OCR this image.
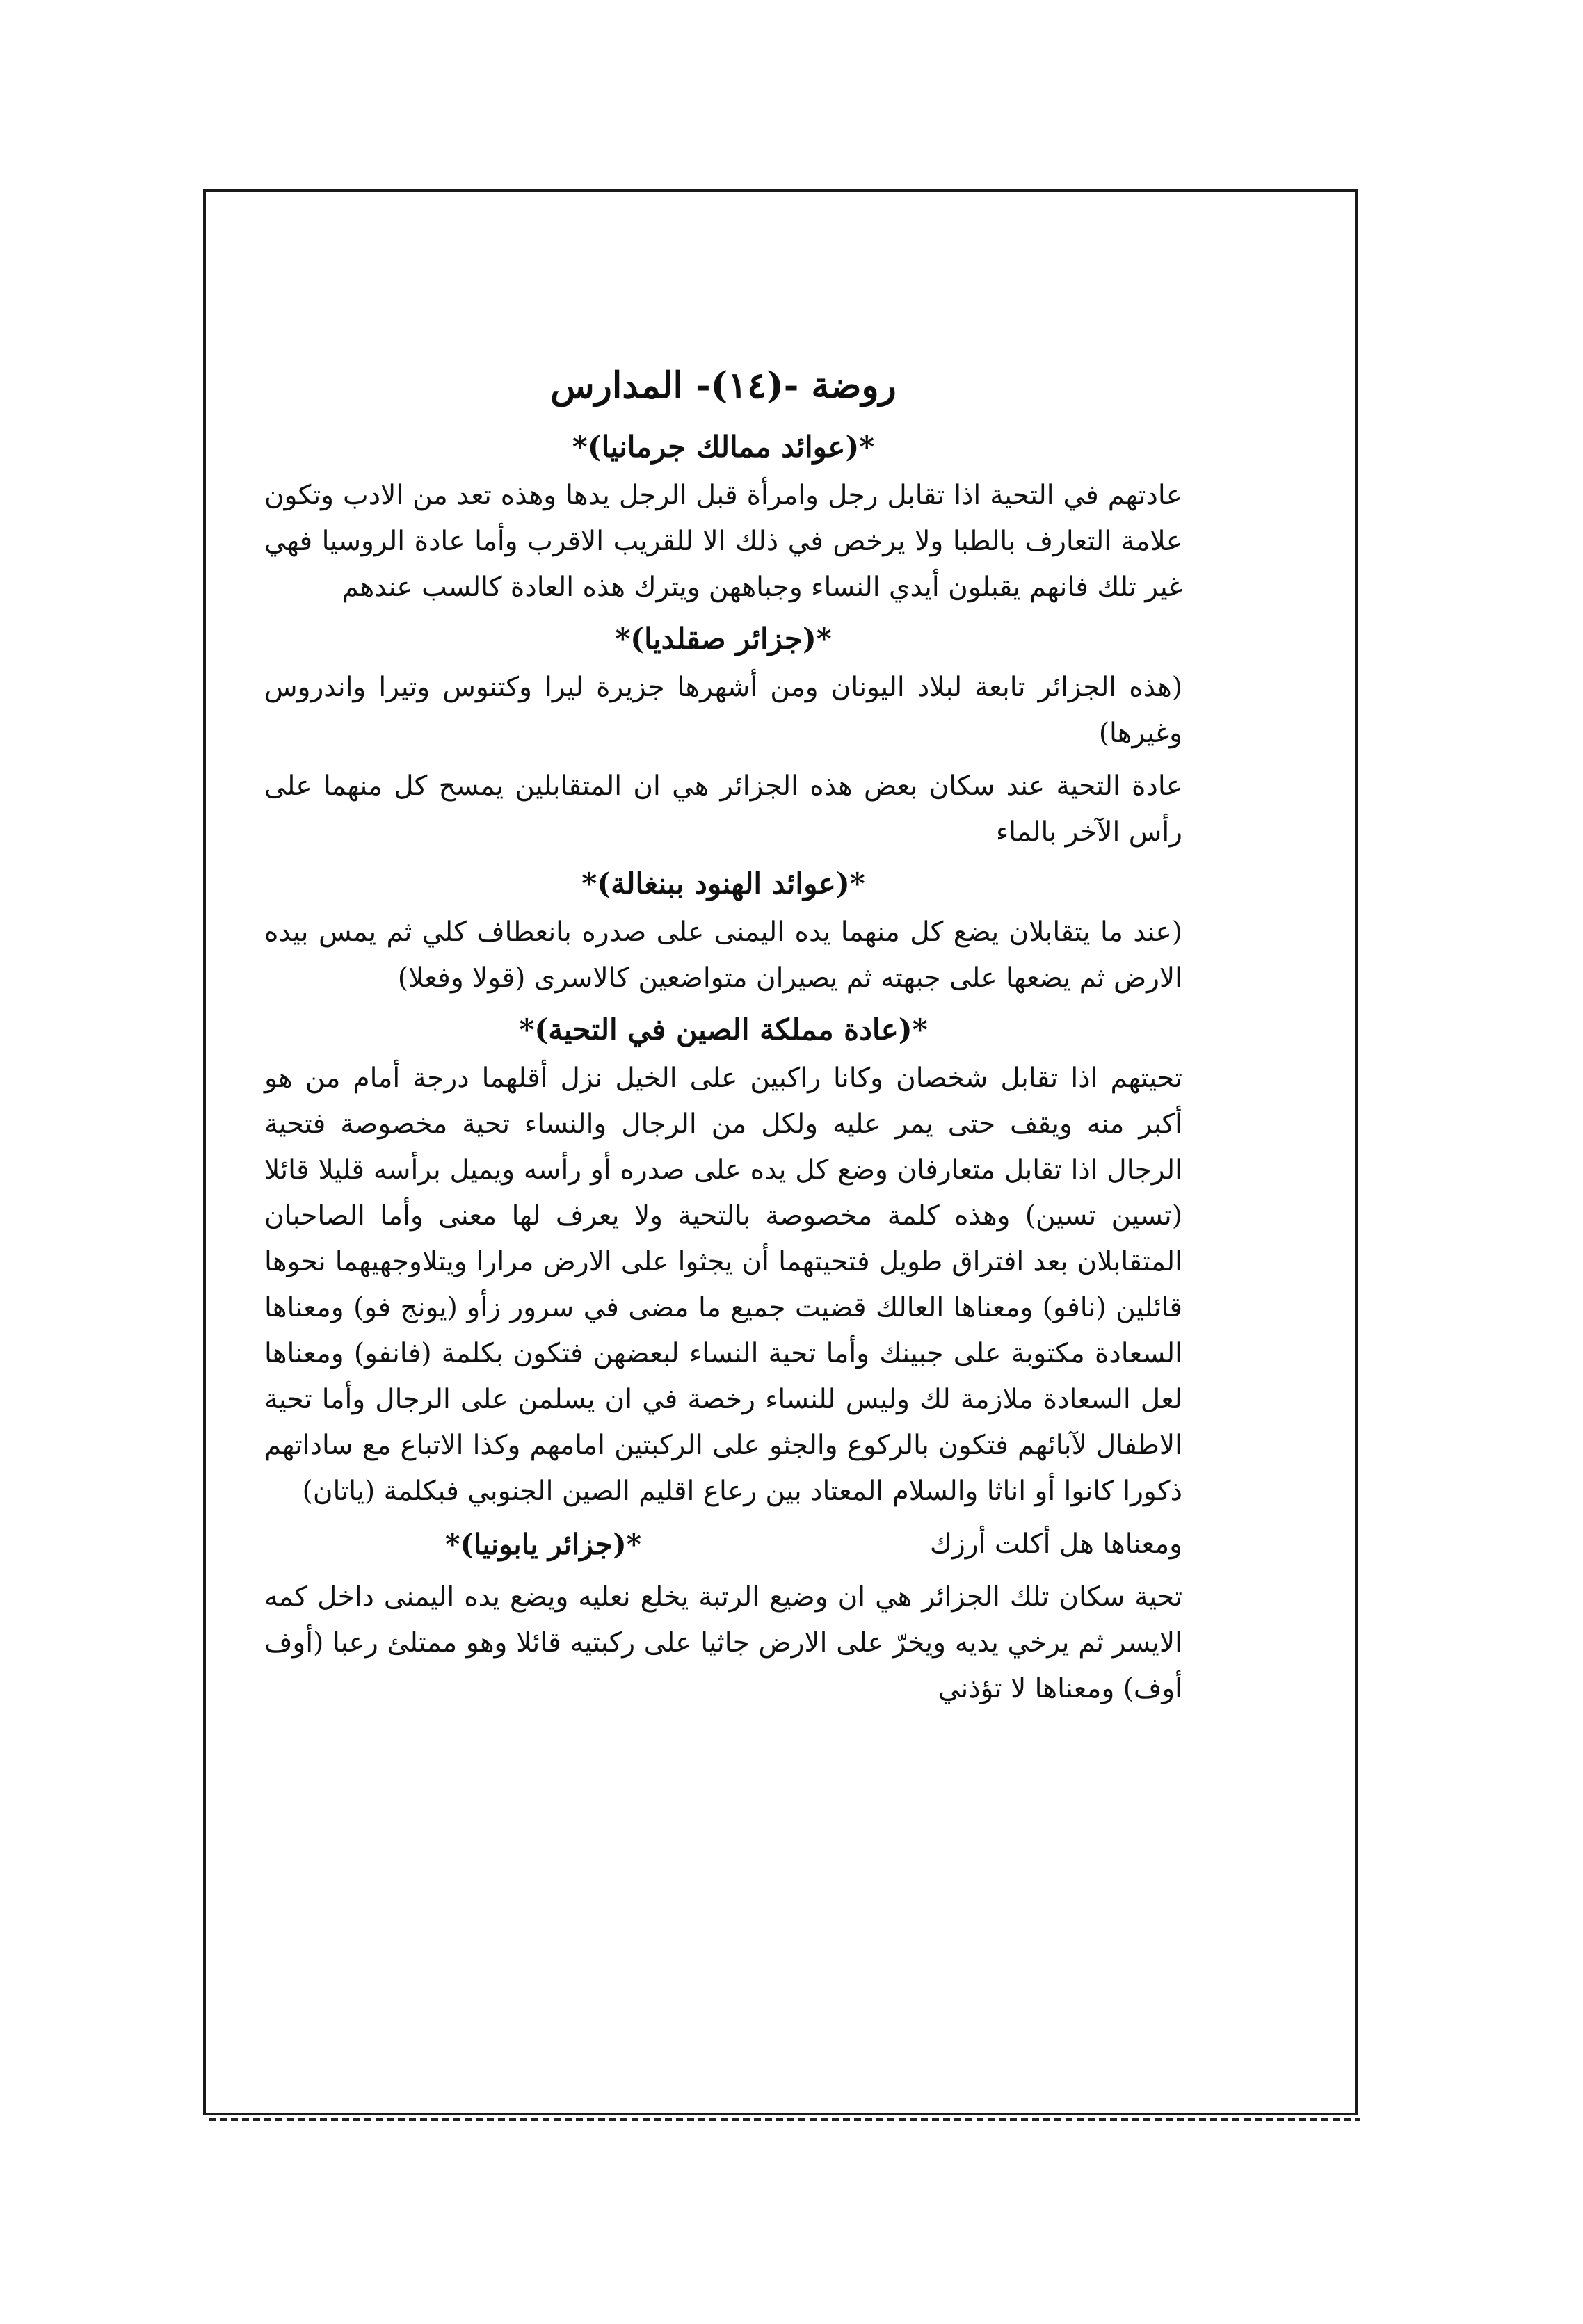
روضة -(١٤)- المدارس
*(عوائد ممالك جرمانيا)*

عادتهم في التحية اذا تقابل رجل وامرأة قبل الرجل يدها وهذه تعد من الادب وتكون علامة التعارف بالطبا ولا يرخص في ذلك الا للقريب الاقرب وأما عادة الروسيا فهي غير تلك فانهم يقبلون أيدي النساء وجباههن ويترك هذه العادة كالسب عندهم

*(جزائر صقلديا)*

(هذه الجزائر تابعة لبلاد اليونان ومن أشهرها جزيرة ليرا وكتنوس وتيرا واندروس وغيرها)

عادة التحية عند سكان بعض هذه الجزائر هي ان المتقابلين يمسح كل منهما على رأس الآخر بالماء

*(عوائد الهنود ببنغالة)*

(عند ما يتقابلان يضع كل منهما يده اليمنى على صدره بانعطاف كلي ثم يمس بيده الارض ثم يضعها على جبهته ثم يصيران متواضعين كالاسرى (قولا وفعلا)

*(عادة مملكة الصين في التحية)*

تحيتهم اذا تقابل شخصان وكانا راكبين على الخيل نزل أقلهما درجة أمام من هو أكبر منه ويقف حتى يمر عليه ولكل من الرجال والنساء تحية مخصوصة فتحية الرجال اذا تقابل متعارفان وضع كل يده على صدره أو رأسه ويميل برأسه قليلا قائلا (تسين تسين) وهذه كلمة مخصوصة بالتحية ولا يعرف لها معنى وأما الصاحبان المتقابلان بعد افتراق طويل فتحيتهما أن يجثوا على الارض مرارا ويتلاوجهيهما نحوها قائلين (نافو) ومعناها العالك قضيت جميع ما مضى في سرور زأو (يونج فو) ومعناها السعادة مكتوبة على جبينك وأما تحية النساء لبعضهن فتكون بكلمة (فانفو) ومعناها لعل السعادة ملازمة لك وليس للنساء رخصة في ان يسلمن على الرجال وأما تحية الاطفال لآبائهم فتكون بالركوع والجثو على الركبتين امامهم وكذا الاتباع مع ساداتهم ذكورا كانوا أو اناثا والسلام المعتاد بين رعاع اقليم الصين الجنوبي فبكلمة (ياتان)

ومعناها هل أكلت أرزك
*(جزائر يابونيا)*

تحية سكان تلك الجزائر هي ان وضيع الرتبة يخلع نعليه ويضع يده اليمنى داخل كمه الايسر ثم يرخي يديه ويخرّ على الارض جاثيا على ركبتيه قائلا وهو ممتلئ رعبا (أوف أوف) ومعناها لا تؤذني
